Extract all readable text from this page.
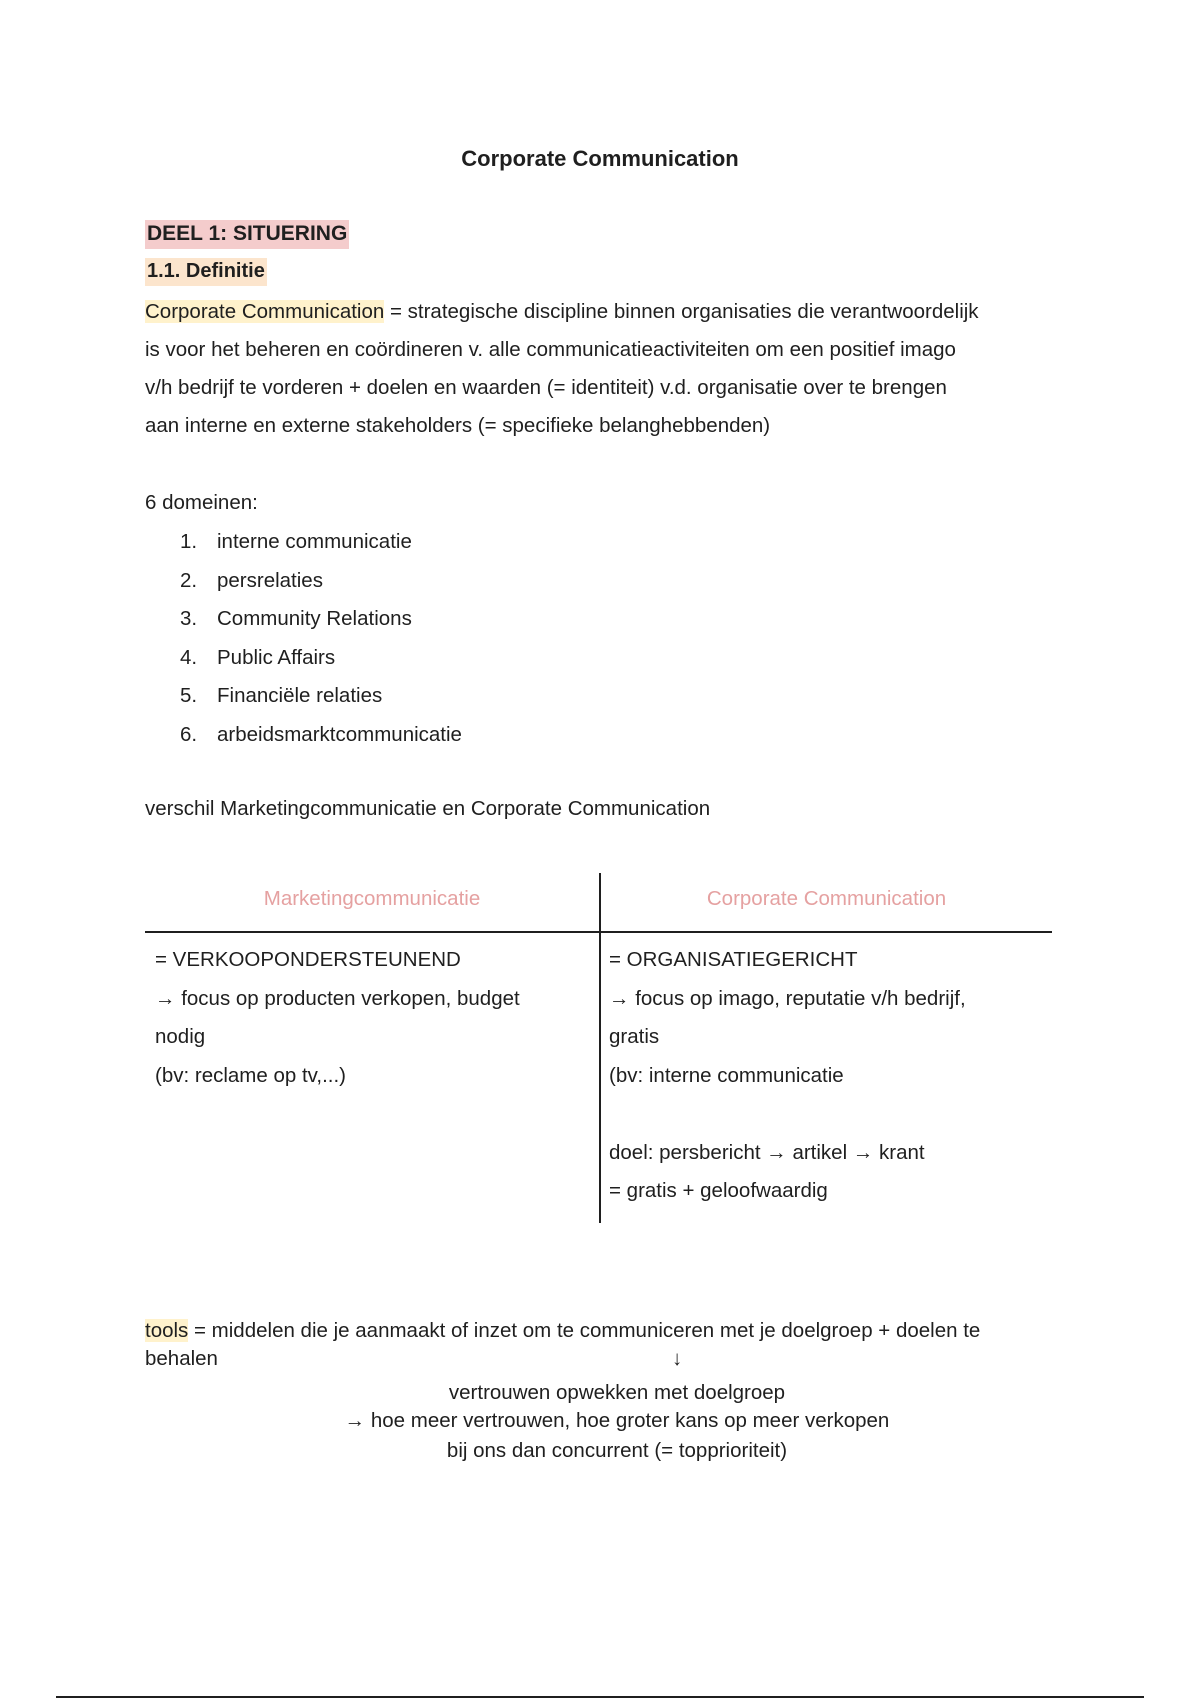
Corporate Communication
DEEL 1: SITUERING
1.1. Definitie
Corporate Communication = strategische discipline binnen organisaties die verantwoordelijk
is voor het beheren en coördineren v. alle communicatieactiviteiten om een positief imago
v/h bedrijf te vorderen + doelen en waarden (= identiteit) v.d. organisatie over te brengen
aan interne en externe stakeholders (= specifieke belanghebbenden)
6 domeinen:
1. interne communicatie
2. persrelaties
3. Community Relations
4. Public Affairs
5. Financiële relaties
6. arbeidsmarktcommunicatie
verschil Marketingcommunicatie en Corporate Communication
Marketingcommunicatie	Corporate Communication
= VERKOOPONDERSTEUNEND
→ focus op producten verkopen, budget
nodig
(bv: reclame op tv,...)
= ORGANISATIEGERICHT
→ focus op imago, reputatie v/h bedrijf,
gratis
(bv: interne communicatie
doel: persbericht → artikel → krant
= gratis + geloofwaardig
tools = middelen die je aanmaakt of inzet om te communiceren met je doelgroep + doelen te
behalen	↓
vertrouwen opwekken met doelgroep
→ hoe meer vertrouwen, hoe groter kans op meer verkopen
bij ons dan concurrent (= topprioriteit)
